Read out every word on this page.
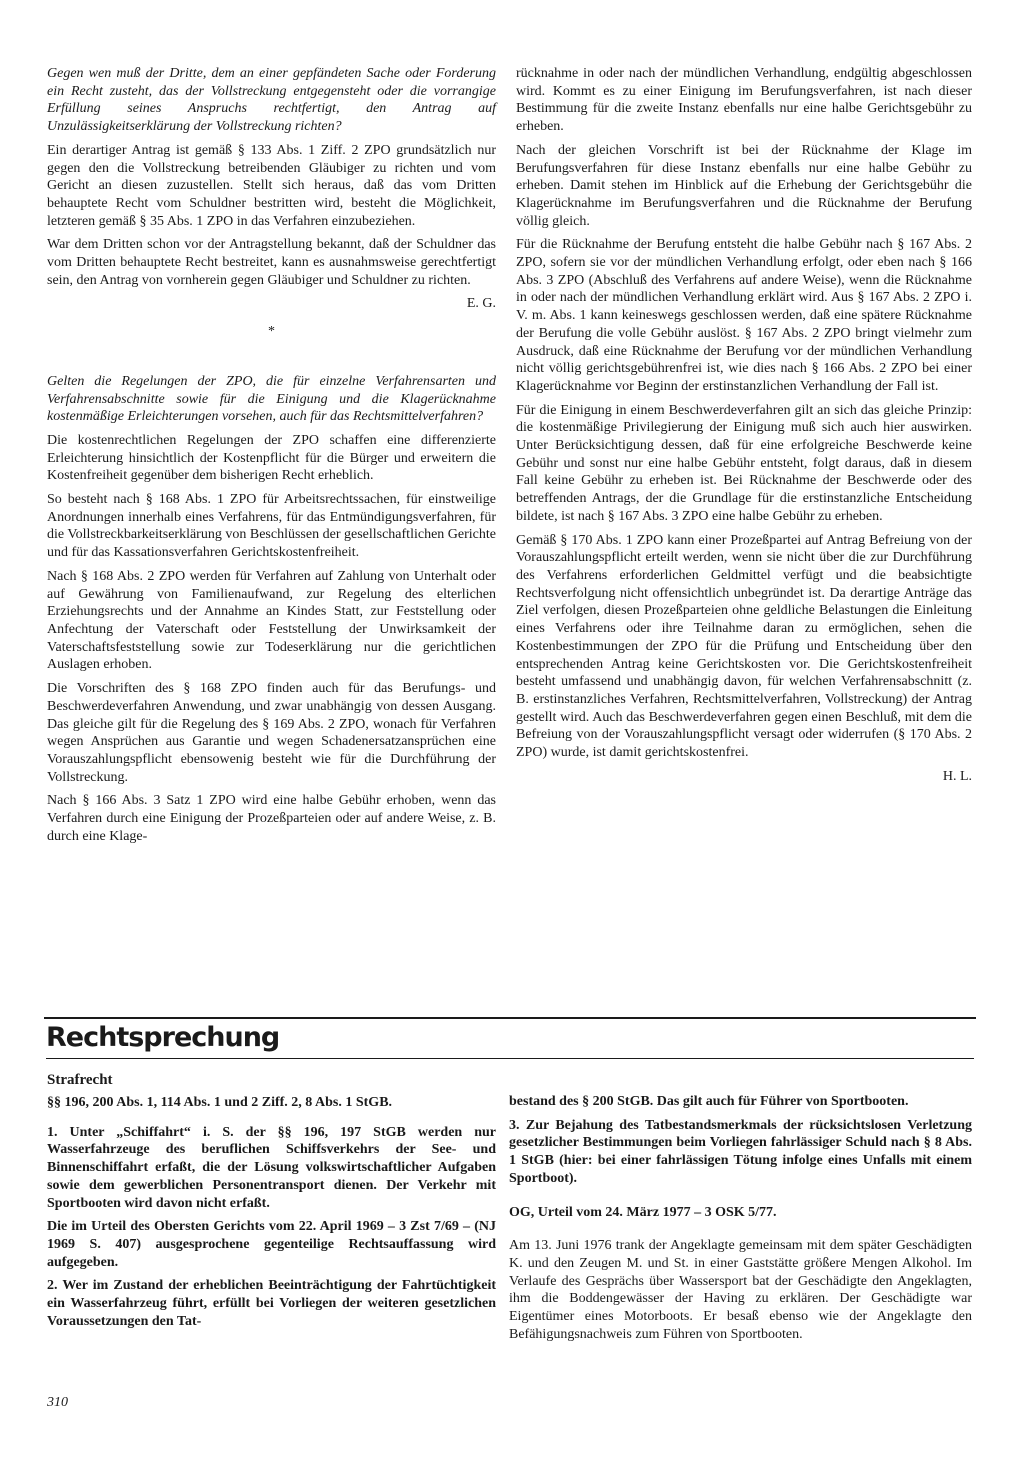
Gegen wen muß der Dritte, dem an einer gepfändeten Sache oder Forderung ein Recht zusteht, das der Vollstreckung entgegensteht oder die vorrangige Erfüllung seines Anspruchs rechtfertigt, den Antrag auf Unzulässigkeitserklärung der Vollstreckung richten?

Ein derartiger Antrag ist gemäß § 133 Abs. 1 Ziff. 2 ZPO grundsätzlich nur gegen den die Vollstreckung betreibenden Gläubiger zu richten und vom Gericht an diesen zuzustellen. Stellt sich heraus, daß das vom Dritten behauptete Recht vom Schuldner bestritten wird, besteht die Möglichkeit, letzteren gemäß § 35 Abs. 1 ZPO in das Verfahren einzubeziehen.

War dem Dritten schon vor der Antragstellung bekannt, daß der Schuldner das vom Dritten behauptete Recht bestreitet, kann es ausnahmsweise gerechtfertigt sein, den Antrag von vornherein gegen Gläubiger und Schuldner zu richten.

E. G.

*

Gelten die Regelungen der ZPO, die für einzelne Verfahrensarten und Verfahrensabschnitte sowie für die Einigung und die Klagerücknahme kostenmäßige Erleichterungen vorsehen, auch für das Rechtsmittelverfahren?

Die kostenrechtlichen Regelungen der ZPO schaffen eine differenzierte Erleichterung hinsichtlich der Kostenpflicht für die Bürger und erweitern die Kostenfreiheit gegenüber dem bisherigen Recht erheblich.

So besteht nach § 168 Abs. 1 ZPO für Arbeitsrechtssachen, für einstweilige Anordnungen innerhalb eines Verfahrens, für das Entmündigungsverfahren, für die Vollstreckbarkeitserklärung von Beschlüssen der gesellschaftlichen Gerichte und für das Kassationsverfahren Gerichtskostenfreiheit.

Nach § 168 Abs. 2 ZPO werden für Verfahren auf Zahlung von Unterhalt oder auf Gewährung von Familienaufwand, zur Regelung des elterlichen Erziehungsrechts und der Annahme an Kindes Statt, zur Feststellung oder Anfechtung der Vaterschaft oder Feststellung der Unwirksamkeit der Vaterschaftsfeststellung sowie zur Todeserklärung nur die gerichtlichen Auslagen erhoben.

Die Vorschriften des § 168 ZPO finden auch für das Berufungs- und Beschwerdeverfahren Anwendung, und zwar unabhängig von dessen Ausgang. Das gleiche gilt für die Regelung des § 169 Abs. 2 ZPO, wonach für Verfahren wegen Ansprüchen aus Garantie und wegen Schadenersatzansprüchen eine Vorauszahlungspflicht ebensowenig besteht wie für die Durchführung der Vollstreckung.

Nach § 166 Abs. 3 Satz 1 ZPO wird eine halbe Gebühr erhoben, wenn das Verfahren durch eine Einigung der Prozeßparteien oder auf andere Weise, z. B. durch eine Klage-

rücknahme in oder nach der mündlichen Verhandlung, endgültig abgeschlossen wird. Kommt es zu einer Einigung im Berufungsverfahren, ist nach dieser Bestimmung für die zweite Instanz ebenfalls nur eine halbe Gerichtsgebühr zu erheben.

Nach der gleichen Vorschrift ist bei der Rücknahme der Klage im Berufungsverfahren für diese Instanz ebenfalls nur eine halbe Gebühr zu erheben. Damit stehen im Hinblick auf die Erhebung der Gerichtsgebühr die Klagerücknahme im Berufungsverfahren und die Rücknahme der Berufung völlig gleich.

Für die Rücknahme der Berufung entsteht die halbe Gebühr nach § 167 Abs. 2 ZPO, sofern sie vor der mündlichen Verhandlung erfolgt, oder eben nach § 166 Abs. 3 ZPO (Abschluß des Verfahrens auf andere Weise), wenn die Rücknahme in oder nach der mündlichen Verhandlung erklärt wird. Aus § 167 Abs. 2 ZPO i. V. m. Abs. 1 kann keineswegs geschlossen werden, daß eine spätere Rücknahme der Berufung die volle Gebühr auslöst. § 167 Abs. 2 ZPO bringt vielmehr zum Ausdruck, daß eine Rücknahme der Berufung vor der mündlichen Verhandlung nicht völlig gerichtsgebührenfrei ist, wie dies nach § 166 Abs. 2 ZPO bei einer Klagerücknahme vor Beginn der erstinstanzlichen Verhandlung der Fall ist.

Für die Einigung in einem Beschwerdeverfahren gilt an sich das gleiche Prinzip: die kostenmäßige Privilegierung der Einigung muß sich auch hier auswirken. Unter Berücksichtigung dessen, daß für eine erfolgreiche Beschwerde keine Gebühr und sonst nur eine halbe Gebühr entsteht, folgt daraus, daß in diesem Fall keine Gebühr zu erheben ist. Bei Rücknahme der Beschwerde oder des betreffenden Antrags, der die Grundlage für die erstinstanzliche Entscheidung bildete, ist nach § 167 Abs. 3 ZPO eine halbe Gebühr zu erheben.

Gemäß § 170 Abs. 1 ZPO kann einer Prozeßpartei auf Antrag Befreiung von der Vorauszahlungspflicht erteilt werden, wenn sie nicht über die zur Durchführung des Verfahrens erforderlichen Geldmittel verfügt und die beabsichtigte Rechtsverfolgung nicht offensichtlich unbegründet ist. Da derartige Anträge das Ziel verfolgen, diesen Prozeßparteien ohne geldliche Belastungen die Einleitung eines Verfahrens oder ihre Teilnahme daran zu ermöglichen, sehen die Kostenbestimmungen der ZPO für die Prüfung und Entscheidung über den entsprechenden Antrag keine Gerichtskosten vor. Die Gerichtskostenfreiheit besteht umfassend und unabhängig davon, für welchen Verfahrensabschnitt (z. B. erstinstanzliches Verfahren, Rechtsmittelverfahren, Vollstreckung) der Antrag gestellt wird. Auch das Beschwerdeverfahren gegen einen Beschluß, mit dem die Befreiung von der Vorauszahlungspflicht versagt oder widerrufen (§ 170 Abs. 2 ZPO) wurde, ist damit gerichtskostenfrei.

H. L.

Rechtsprechung
Strafrecht

§§ 196, 200 Abs. 1, 114 Abs. 1 und 2 Ziff. 2, 8 Abs. 1 StGB.

1. Unter „Schiffahrt“ i. S. der §§ 196, 197 StGB werden nur Wasserfahrzeuge des beruflichen Schiffsverkehrs der See- und Binnenschiffahrt erfaßt, die der Lösung volkswirtschaftlicher Aufgaben sowie dem gewerblichen Personentransport dienen. Der Verkehr mit Sportbooten wird davon nicht erfaßt.

Die im Urteil des Obersten Gerichts vom 22. April 1969 – 3 Zst 7/69 – (NJ 1969 S. 407) ausgesprochene gegenteilige Rechtsauffassung wird aufgegeben.

2. Wer im Zustand der erheblichen Beeinträchtigung der Fahrtüchtigkeit ein Wasserfahrzeug führt, erfüllt bei Vorliegen der weiteren gesetzlichen Voraussetzungen den Tat-

bestand des § 200 StGB. Das gilt auch für Führer von Sportbooten.

3. Zur Bejahung des Tatbestandsmerkmals der rücksichtslosen Verletzung gesetzlicher Bestimmungen beim Vorliegen fahrlässiger Schuld nach § 8 Abs. 1 StGB (hier: bei einer fahrlässigen Tötung infolge eines Unfalls mit einem Sportboot).

OG, Urteil vom 24. März 1977 – 3 OSK 5/77.

Am 13. Juni 1976 trank der Angeklagte gemeinsam mit dem später Geschädigten K. und den Zeugen M. und St. in einer Gaststätte größere Mengen Alkohol. Im Verlaufe des Gesprächs über Wassersport bat der Geschädigte den Angeklagten, ihm die Boddengewässer der Having zu erklären. Der Geschädigte war Eigentümer eines Motorboots. Er besaß ebenso wie der Angeklagte den Befähigungsnachweis zum Führen von Sportbooten.

310
